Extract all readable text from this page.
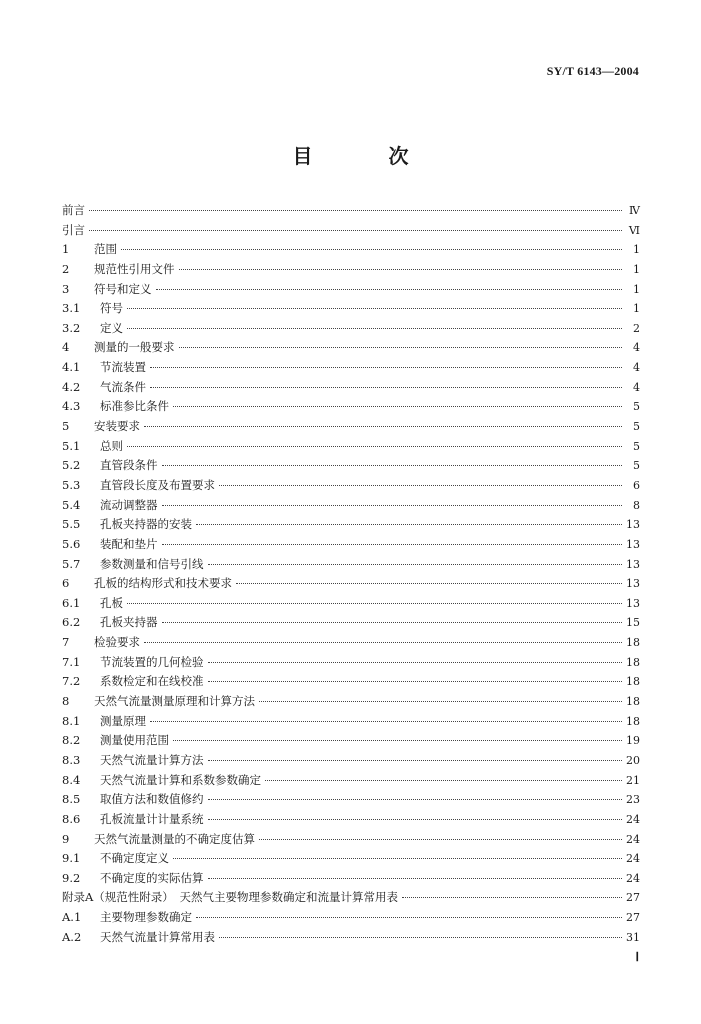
SY/T 6143—2004
目　次
前言	Ⅳ
引言	Ⅵ
1	范围	1
2	规范性引用文件	1
3	符号和定义	1
3.1	符号	1
3.2	定义	2
4	测量的一般要求	4
4.1	节流装置	4
4.2	气流条件	4
4.3	标准参比条件	5
5	安装要求	5
5.1	总则	5
5.2	直管段条件	5
5.3	直管段长度及布置要求	6
5.4	流动调整器	8
5.5	孔板夹持器的安装	13
5.6	装配和垫片	13
5.7	参数测量和信号引线	13
6	孔板的结构形式和技术要求	13
6.1	孔板	13
6.2	孔板夹持器	15
7	检验要求	18
7.1	节流装置的几何检验	18
7.2	系数检定和在线校准	18
8	天然气流量测量原理和计算方法	18
8.1	测量原理	18
8.2	测量使用范围	19
8.3	天然气流量计算方法	20
8.4	天然气流量计算和系数参数确定	21
8.5	取值方法和数值修约	23
8.6	孔板流量计计量系统	24
9	天然气流量测量的不确定度估算	24
9.1	不确定度定义	24
9.2	不确定度的实际估算	24
附录A（规范性附录）　天然气主要物理参数确定和流量计算常用表	27
A.1	主要物理参数确定	27
A.2	天然气流量计算常用表	31
Ⅰ
